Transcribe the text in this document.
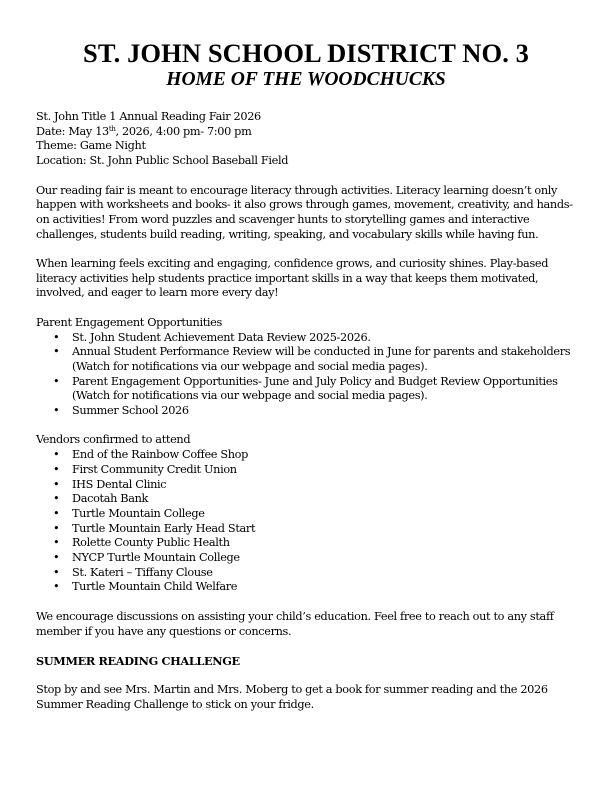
ST. JOHN SCHOOL DISTRICT NO. 3
HOME OF THE WOODCHUCKS
St. John Title 1 Annual Reading Fair 2026
Date: May 13th, 2026, 4:00 pm- 7:00 pm
Theme: Game Night
Location: St. John Public School Baseball Field

Our reading fair is meant to encourage literacy through activities. Literacy learning doesn’t only happen with worksheets and books- it also grows through games, movement, creativity, and hands-on activities! From word puzzles and scavenger hunts to storytelling games and interactive challenges, students build reading, writing, speaking, and vocabulary skills while having fun.

When learning feels exciting and engaging, confidence grows, and curiosity shines. Play-based literacy activities help students practice important skills in a way that keeps them motivated, involved, and eager to learn more every day!

Parent Engagement Opportunities
• St. John Student Achievement Data Review 2025-2026.
• Annual Student Performance Review will be conducted in June for parents and stakeholders (Watch for notifications via our webpage and social media pages).
• Parent Engagement Opportunities- June and July Policy and Budget Review Opportunities (Watch for notifications via our webpage and social media pages).
• Summer School 2026
Vendors confirmed to attend
• End of the Rainbow Coffee Shop
• First Community Credit Union
• IHS Dental Clinic
• Dacotah Bank
• Turtle Mountain College
• Turtle Mountain Early Head Start
• Rolette County Public Health
• NYCP Turtle Mountain College
• St. Kateri – Tiffany Clouse
• Turtle Mountain Child Welfare

We encourage discussions on assisting your child’s education. Feel free to reach out to any staff member if you have any questions or concerns.

SUMMER READING CHALLENGE

Stop by and see Mrs. Martin and Mrs. Moberg to get a book for summer reading and the 2026 Summer Reading Challenge to stick on your fridge.
